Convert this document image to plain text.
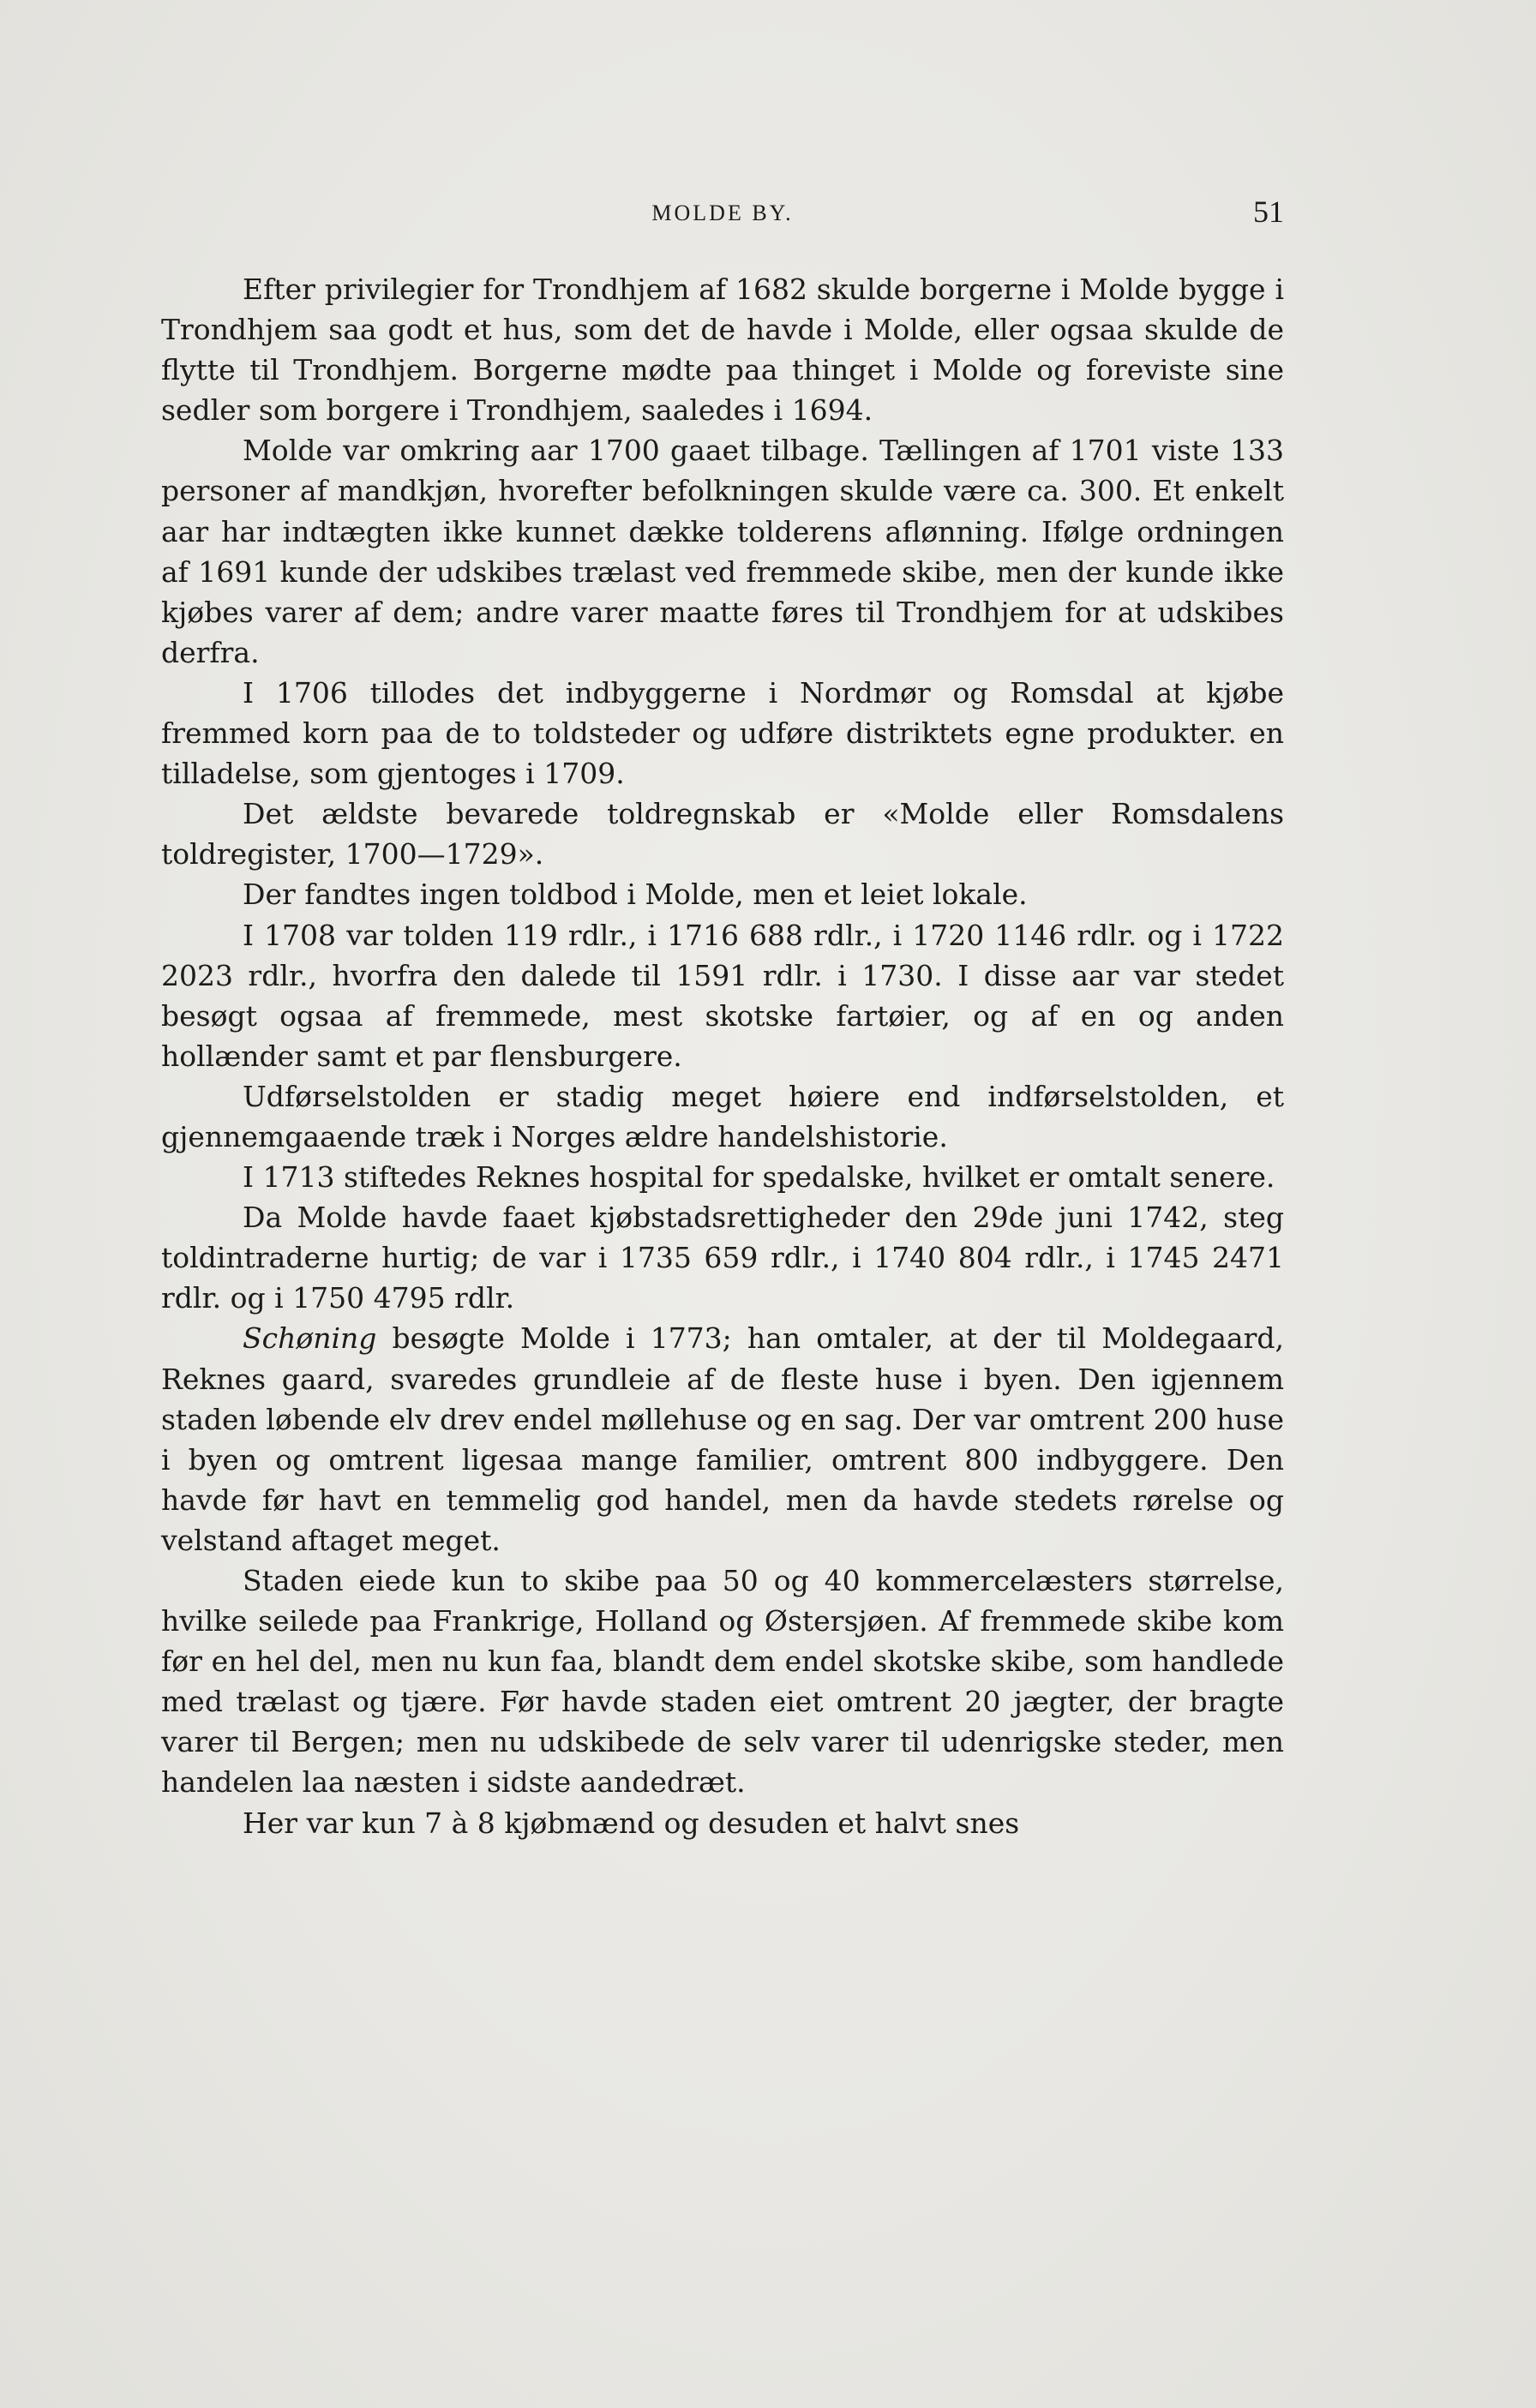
MOLDE BY.	51

Efter privilegier for Trondhjem af 1682 skulde borgerne i Molde bygge i Trondhjem saa godt et hus, som det de havde i Molde, eller ogsaa skulde de flytte til Trondhjem. Borgerne mødte paa thinget i Molde og foreviste sine sedler som borgere i Trondhjem, saaledes i 1694.

Molde var omkring aar 1700 gaaet tilbage. Tællingen af 1701 viste 133 personer af mandkjøn, hvorefter befolkningen skulde være ca. 300. Et enkelt aar har indtægten ikke kunnet dække tolderens aflønning. Ifølge ordningen af 1691 kunde der udskibes trælast ved fremmede skibe, men der kunde ikke kjøbes varer af dem; andre varer maatte føres til Trondhjem for at udskibes derfra.

I 1706 tillodes det indbyggerne i Nordmør og Romsdal at kjøbe fremmed korn paa de to toldsteder og udføre distriktets egne produkter. en tilladelse, som gjentoges i 1709.

Det ældste bevarede toldregnskab er «Molde eller Romsdalens toldregister, 1700—1729».

Der fandtes ingen toldbod i Molde, men et leiet lokale.

I 1708 var tolden 119 rdlr., i 1716 688 rdlr., i 1720 1146 rdlr. og i 1722 2023 rdlr., hvorfra den dalede til 1591 rdlr. i 1730. I disse aar var stedet besøgt ogsaa af fremmede, mest skotske fartøier, og af en og anden hollænder samt et par flensburgere.

Udførselstolden er stadig meget høiere end indførselstolden, et gjennemgaaende træk i Norges ældre handelshistorie.

I 1713 stiftedes Reknes hospital for spedalske, hvilket er omtalt senere.

Da Molde havde faaet kjøbstadsrettigheder den 29de juni 1742, steg toldintraderne hurtig; de var i 1735 659 rdlr., i 1740 804 rdlr., i 1745 2471 rdlr. og i 1750 4795 rdlr.

Schøning besøgte Molde i 1773; han omtaler, at der til Moldegaard, Reknes gaard, svaredes grundleie af de fleste huse i byen. Den igjennem staden løbende elv drev endel møllehuse og en sag. Der var omtrent 200 huse i byen og omtrent ligesaa mange familier, omtrent 800 indbyggere. Den havde før havt en temmelig god handel, men da havde stedets rørelse og velstand aftaget meget.

Staden eiede kun to skibe paa 50 og 40 kommercelæsters størrelse, hvilke seilede paa Frankrige, Holland og Østersjøen. Af fremmede skibe kom før en hel del, men nu kun faa, blandt dem endel skotske skibe, som handlede med trælast og tjære. Før havde staden eiet omtrent 20 jægter, der bragte varer til Bergen; men nu udskibede de selv varer til udenrigske steder, men handelen laa næsten i sidste aandedræt.

Her var kun 7 à 8 kjøbmænd og desuden et halvt snes
